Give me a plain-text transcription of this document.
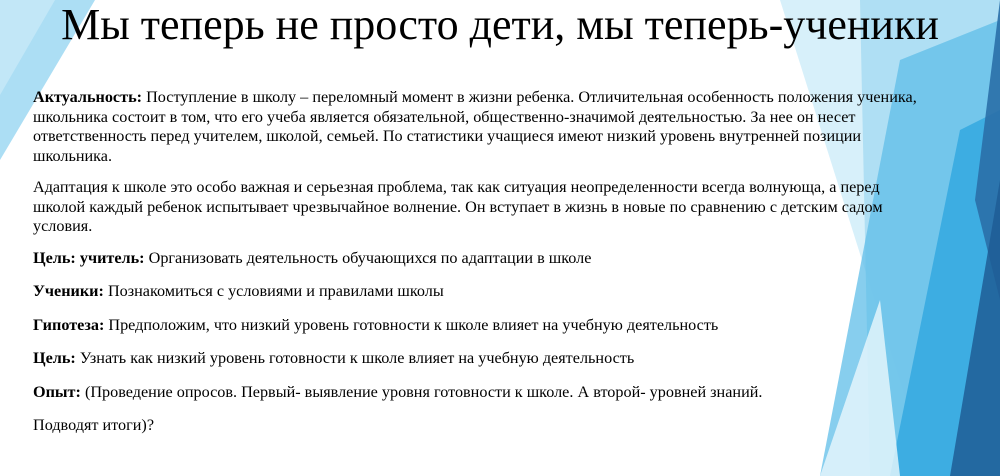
Мы теперь не просто дети, мы теперь-ученики

Актуальность: Поступление в школу – переломный момент в жизни ребенка. Отличительная особенность положения ученика, школьника состоит в том, что его учеба является обязательной, общественно-значимой деятельностью. За нее он несет ответственность перед учителем, школой, семьей. По статистики учащиеся имеют низкий уровень внутренней позиции школьника.

Адаптация к школе это особо важная и серьезная проблема, так как ситуация неопределенности всегда волнующа, а перед школой каждый ребенок испытывает чрезвычайное волнение. Он вступает в жизнь в новые по сравнению с детским садом условия.

Цель: учитель: Организовать деятельность обучающихся по адаптации в школе

Ученики: Познакомиться с условиями и правилами школы

Гипотеза: Предположим, что низкий уровень готовности к школе влияет на учебную деятельность

Цель: Узнать как низкий уровень готовности к школе влияет на учебную деятельность

Опыт: (Проведение опросов. Первый- выявление уровня готовности к школе. А второй- уровней знаний.

Подводят итоги)?
